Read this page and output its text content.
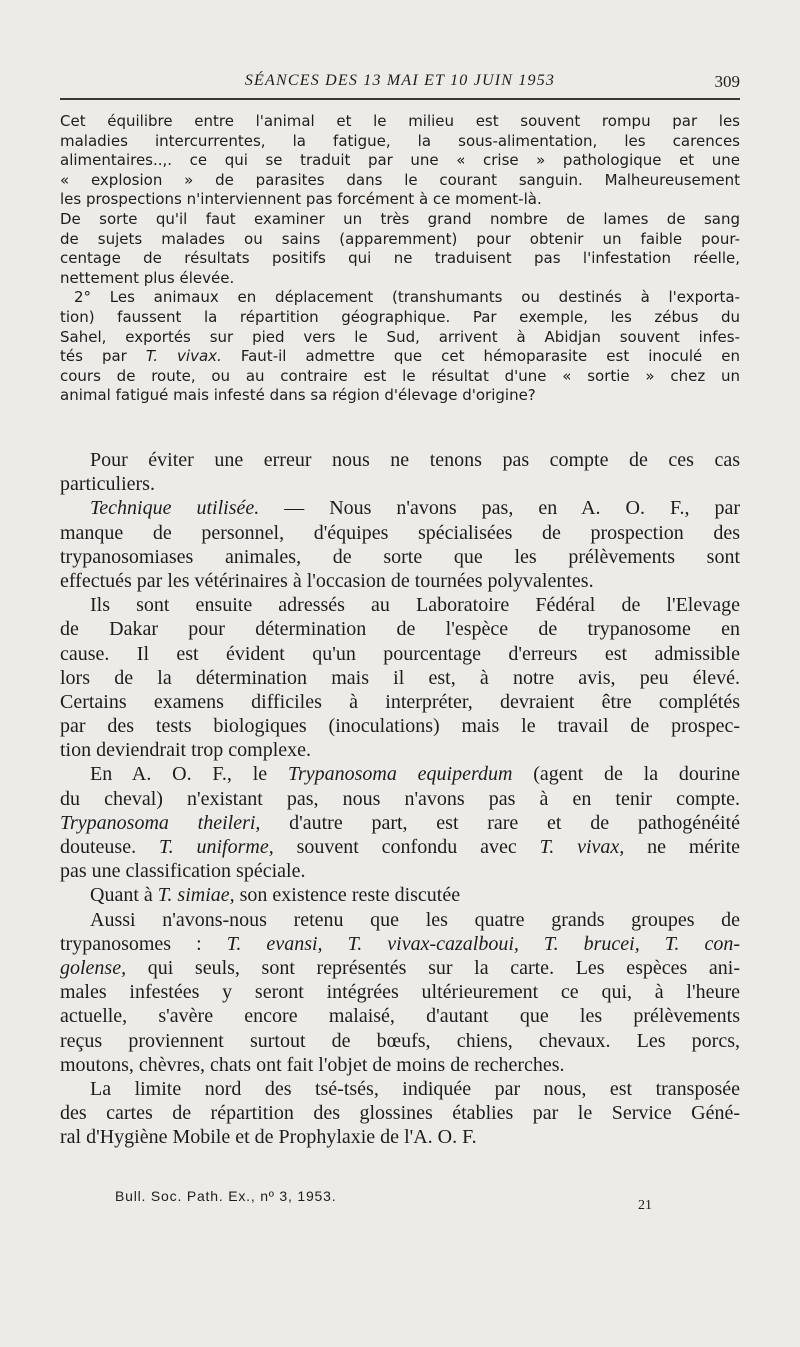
SÉANCES DES 13 MAI ET 10 JUIN 1953	309

Cet équilibre entre l'animal et le milieu est souvent rompu par les

maladies intercurrentes, la fatigue, la sous-alimentation, les carences

alimentaires..,. ce qui se traduit par une « crise » pathologique et une

« explosion » de parasites dans le courant sanguin. Malheureusement

les prospections n'interviennent pas forcément à ce moment-là.

De sorte qu'il faut examiner un très grand nombre de lames de sang

de sujets malades ou sains (apparemment) pour obtenir un faible pour-

centage de résultats positifs qui ne traduisent pas l'infestation réelle,

nettement plus élevée.

2° Les animaux en déplacement (transhumants ou destinés à l'exporta-

tion) faussent la répartition géographique. Par exemple, les zébus du

Sahel, exportés sur pied vers le Sud, arrivent à Abidjan souvent infes-

tés par T. vivax. Faut-il admettre que cet hémoparasite est inoculé en

cours de route, ou au contraire est le résultat d'une « sortie » chez un

animal fatigué mais infesté dans sa région d'élevage d'origine?

Pour éviter une erreur nous ne tenons pas compte de ces cas

particuliers.

Technique utilisée. — Nous n'avons pas, en A. O. F., par

manque de personnel, d'équipes spécialisées de prospection des

trypanosomiases animales, de sorte que les prélèvements sont

effectués par les vétérinaires à l'occasion de tournées polyvalentes.

Ils sont ensuite adressés au Laboratoire Fédéral de l'Elevage

de Dakar pour détermination de l'espèce de trypanosome en

cause. Il est évident qu'un pourcentage d'erreurs est admissible

lors de la détermination mais il est, à notre avis, peu élevé.

Certains examens difficiles à interpréter, devraient être complétés

par des tests biologiques (inoculations) mais le travail de prospec-

tion deviendrait trop complexe.

En A. O. F., le Trypanosoma equiperdum (agent de la dourine

du cheval) n'existant pas, nous n'avons pas à en tenir compte.

Trypanosoma theileri, d'autre part, est rare et de pathogénéité

douteuse. T. uniforme, souvent confondu avec T. vivax, ne mérite

pas une classification spéciale.

Quant à T. simiae, son existence reste discutée

Aussi n'avons-nous retenu que les quatre grands groupes de

trypanosomes : T. evansi, T. vivax-cazalboui, T. brucei, T. con-

golense, qui seuls, sont représentés sur la carte. Les espèces ani-

males infestées y seront intégrées ultérieurement ce qui, à l'heure

actuelle, s'avère encore malaisé, d'autant que les prélèvements

reçus proviennent surtout de bœufs, chiens, chevaux. Les porcs,

moutons, chèvres, chats ont fait l'objet de moins de recherches.

La limite nord des tsé-tsés, indiquée par nous, est transposée

des cartes de répartition des glossines établies par le Service Géné-

ral d'Hygiène Mobile et de Prophylaxie de l'A. O. F.

Bull. Soc. Path. Ex., nº 3, 1953.
21
